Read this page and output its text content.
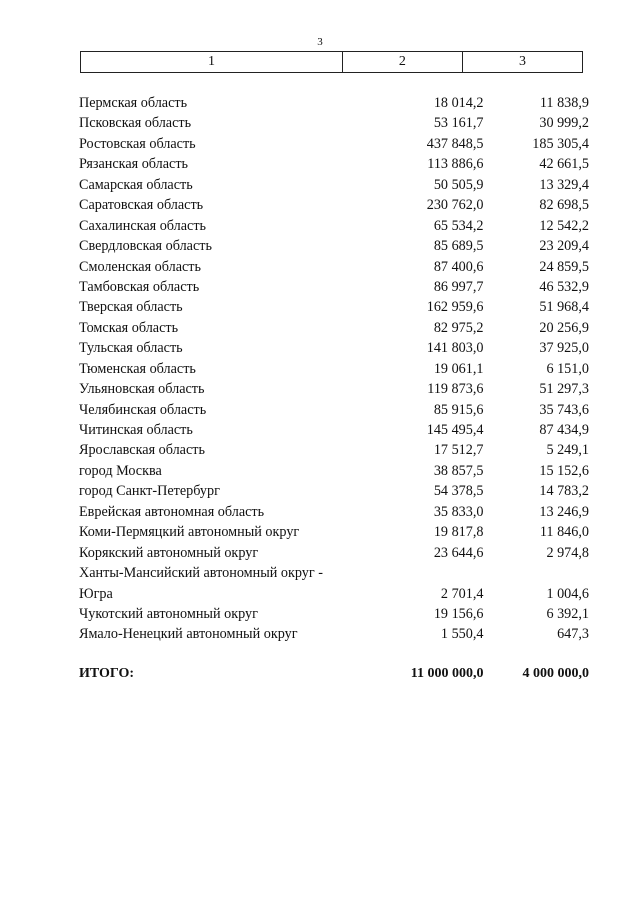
3
1	2	3
Пермская область	18 014,2	11 838,9
Псковская область	53 161,7	30 999,2
Ростовская область	437 848,5	185 305,4
Рязанская область	113 886,6	42 661,5
Самарская область	50 505,9	13 329,4
Саратовская область	230 762,0	82 698,5
Сахалинская область	65 534,2	12 542,2
Свердловская область	85 689,5	23 209,4
Смоленская область	87 400,6	24 859,5
Тамбовская область	86 997,7	46 532,9
Тверская область	162 959,6	51 968,4
Томская область	82 975,2	20 256,9
Тульская область	141 803,0	37 925,0
Тюменская область	19 061,1	6 151,0
Ульяновская область	119 873,6	51 297,3
Челябинская область	85 915,6	35 743,6
Читинская область	145 495,4	87 434,9
Ярославская область	17 512,7	5 249,1
город Москва	38 857,5	15 152,6
город Санкт-Петербург	54 378,5	14 783,2
Еврейская автономная область	35 833,0	13 246,9
Коми-Пермяцкий автономный округ	19 817,8	11 846,0
Корякский автономный округ	23 644,6	2 974,8
Ханты-Мансийский автономный округ -
Югра	2 701,4	1 004,6
Чукотский автономный округ	19 156,6	6 392,1
Ямало-Ненецкий автономный округ	1 550,4	647,3
ИТОГО:	11 000 000,0	4 000 000,0
